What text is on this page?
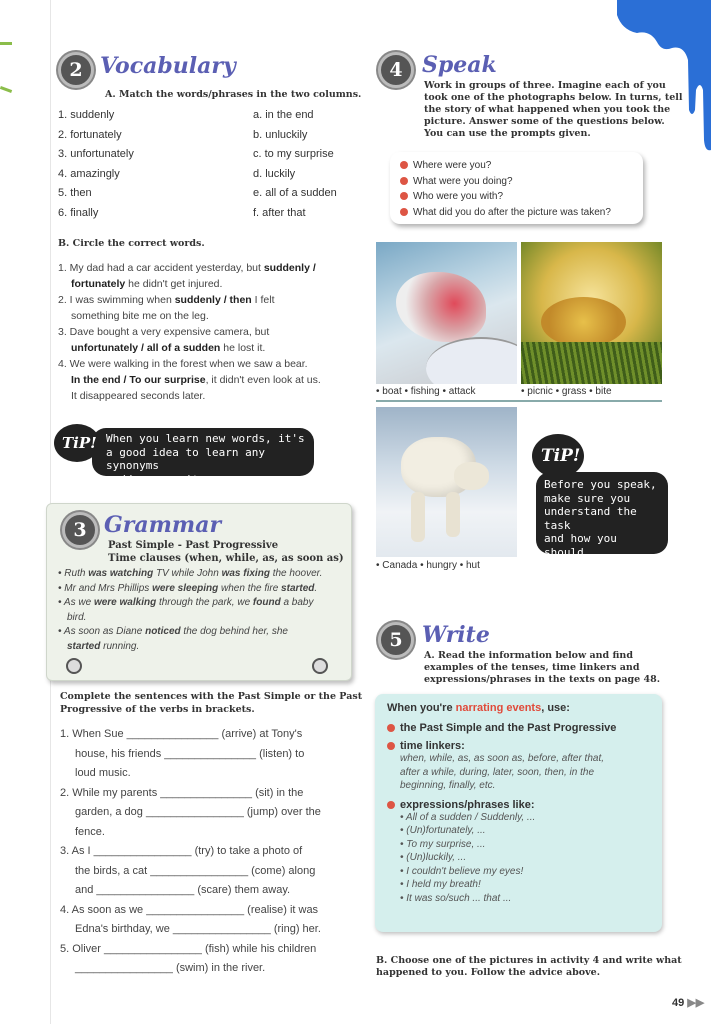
2 Vocabulary
A. Match the words/phrases in the two columns.
1. suddenly
2. fortunately
3. unfortunately
4. amazingly
5. then
6. finally
a. in the end
b. unluckily
c. to my surprise
d. luckily
e. all of a sudden
f. after that
B. Circle the correct words.
1. My dad had a car accident yesterday, but suddenly /
fortunately he didn't get injured.
2. I was swimming when suddenly / then I felt
something bite me on the leg.
3. Dave bought a very expensive camera, but
unfortunately / all of a sudden he lost it.
4. We were walking in the forest when we saw a bear.
In the end / To our surprise, it didn't even look at us.
It disappeared seconds later.
When you learn new words, it's
a good idea to learn any synonyms
and/or opposites.
TiP!
3 Grammar
Past Simple - Past Progressive
Time clauses (when, while, as, as soon as)
• Ruth was watching TV while John was fixing the hoover.
• Mr and Mrs Phillips were sleeping when the fire started.
• As we were walking through the park, we found a baby
bird.
• As soon as Diane noticed the dog behind her, she
started running.
Complete the sentences with the Past Simple or the Past
Progressive of the verbs in brackets.
1. When Sue _______________ (arrive) at Tony's
house, his friends _______________ (listen) to
loud music.
2. While my parents _______________ (sit) in the
garden, a dog ________________ (jump) over the
fence.
3. As I ________________ (try) to take a photo of
the birds, a cat ________________ (come) along
and ________________ (scare) them away.
4. As soon as we ________________ (realise) it was
Edna's birthday, we ________________ (ring) her.
5. Oliver ________________ (fish) while his children
________________ (swim) in the river.
4 Speak
Work in groups of three. Imagine each of you
took one of the photographs below. In turns, tell
the story of what happened when you took the
picture. Answer some of the questions below.
You can use the prompts given.
Where were you?
What were you doing?
Who were you with?
What did you do after the picture was taken?
• boat • fishing • attack	• picnic • grass • bite
• Canada • hungry • hut
Before you speak,
make sure you
understand the task
and how you should
use the prompts.
TiP!
5 Write
A. Read the information below and find
examples of the tenses, time linkers and
expressions/phrases in the texts on page 48.
When you're narrating events, use:
the Past Simple and the Past Progressive
time linkers:
when, while, as, as soon as, before, after that,
after a while, during, later, soon, then, in the
beginning, finally, etc.
expressions/phrases like:
• All of a sudden / Suddenly, ...
• (Un)fortunately, ...
• To my surprise, ...
• (Un)luckily, ...
• I couldn't believe my eyes!
• I held my breath!
• It was so/such ... that ...
B. Choose one of the pictures in activity 4 and write what
happened to you. Follow the advice above.
49 ▶▶
